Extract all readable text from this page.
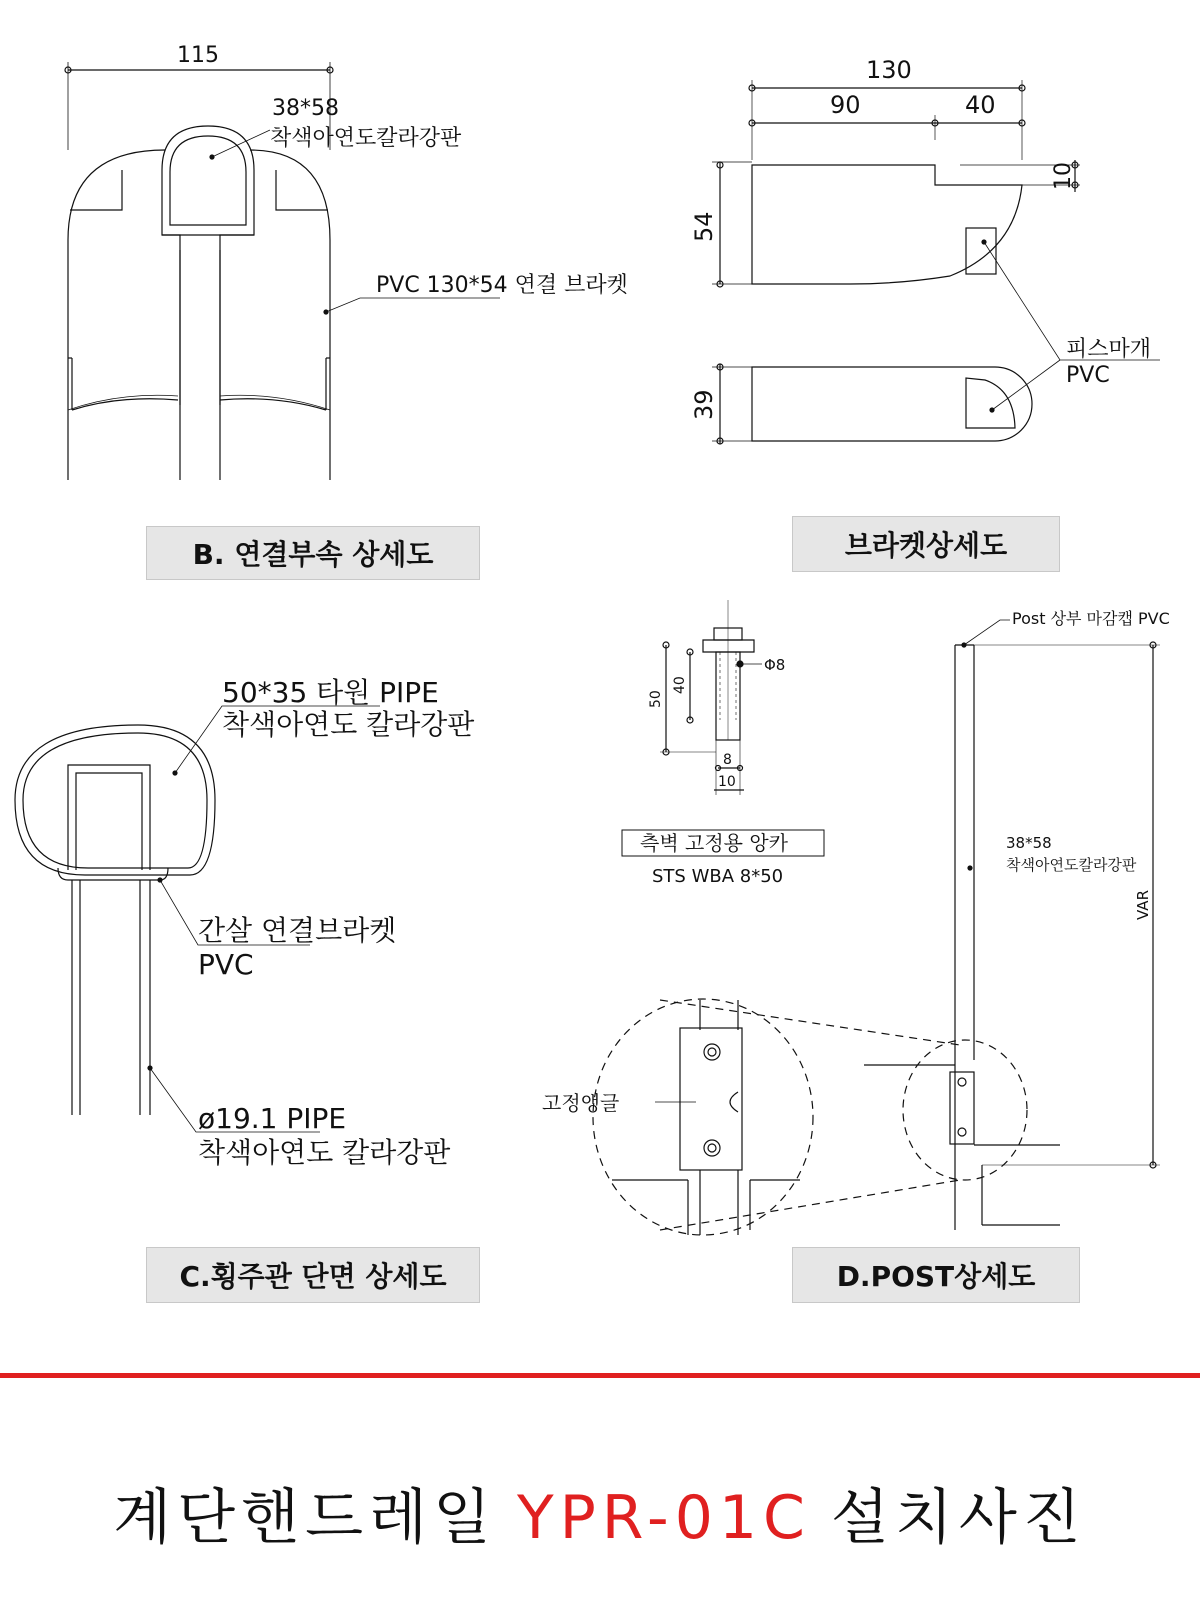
115
38*58
착색아연도칼라강판
PVC 130*54 연결 브라켓
130
90	40
10
54
39
피스마개
PVC
50*35 타원 PIPE
착색아연도 칼라강판
간살 연결브라켓
PVC
ø19.1 PIPE
착색아연도 칼라강판
Φ8
50
40
8
10
측벽 고정용 앙카
STS WBA 8*50
Post 상부 마감캡 PVC
38*58
착색아연도칼라강판
VAR
고정앵글
B. 연결부속 상세도	브라켓상세도
C.횡주관 단면 상세도	D.POST상세도
계단핸드레일 YPR-01C 설치사진
